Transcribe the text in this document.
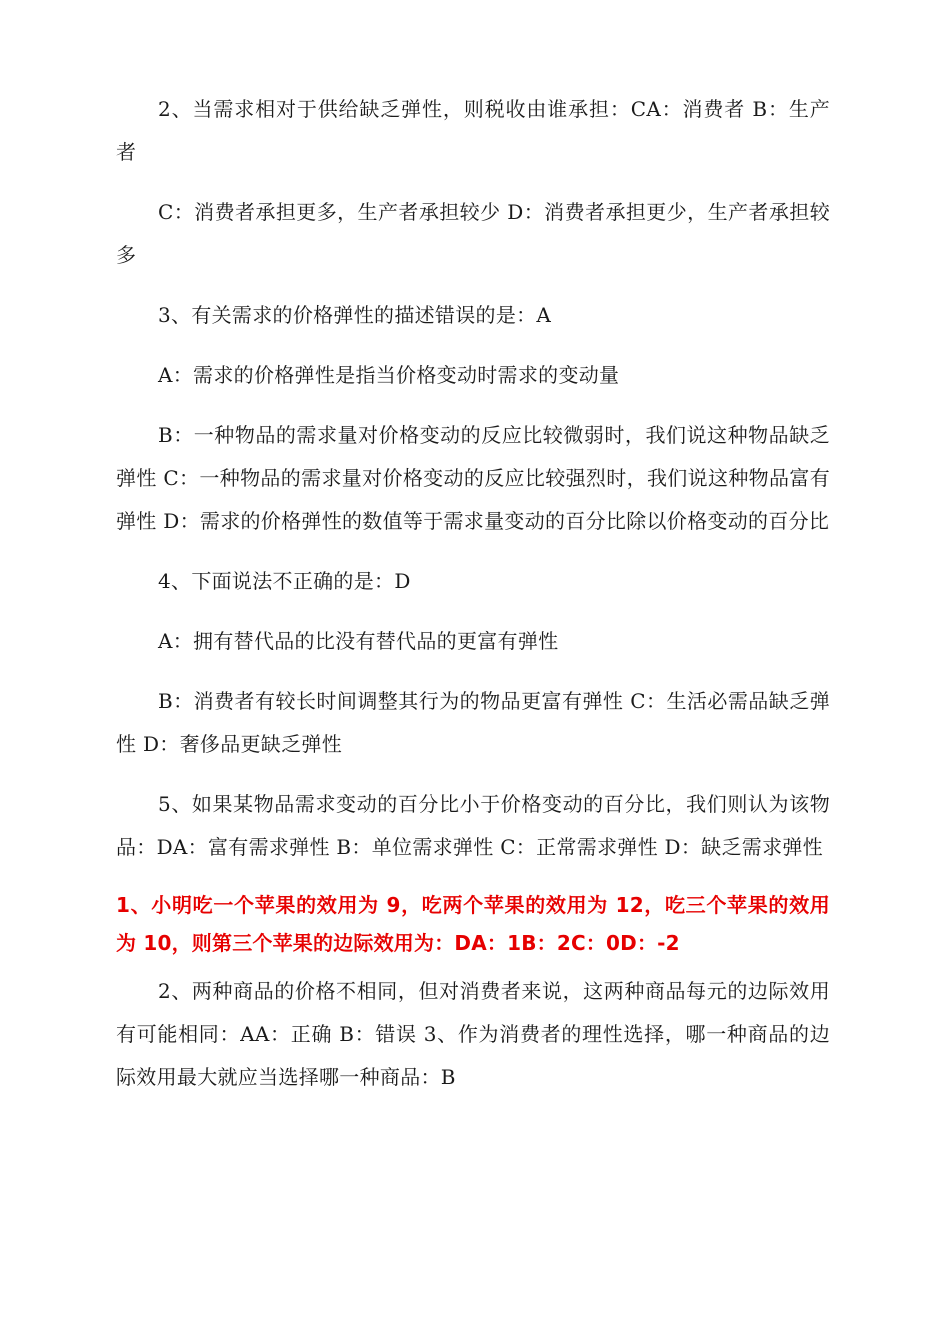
2、当需求相对于供给缺乏弹性，则税收由谁承担：CA：消费者 B：生产者

C：消费者承担更多，生产者承担较少 D：消费者承担更少，生产者承担较多

3、有关需求的价格弹性的描述错误的是：A

A：需求的价格弹性是指当价格变动时需求的变动量

B：一种物品的需求量对价格变动的反应比较微弱时，我们说这种物品缺乏弹性 C：一种物品的需求量对价格变动的反应比较强烈时，我们说这种物品富有弹性 D：需求的价格弹性的数值等于需求量变动的百分比除以价格变动的百分比

4、下面说法不正确的是：D

A：拥有替代品的比没有替代品的更富有弹性

B：消费者有较长时间调整其行为的物品更富有弹性 C：生活必需品缺乏弹性 D：奢侈品更缺乏弹性

5、如果某物品需求变动的百分比小于价格变动的百分比，我们则认为该物品：DA：富有需求弹性 B：单位需求弹性 C：正常需求弹性 D：缺乏需求弹性

1、小明吃一个苹果的效用为 9，吃两个苹果的效用为 12，吃三个苹果的效用为 10，则第三个苹果的边际效用为：DA：1B：2C：0D：-2

2、两种商品的价格不相同，但对消费者来说，这两种商品每元的边际效用有可能相同：AA：正确 B：错误 3、作为消费者的理性选择，哪一种商品的边际效用最大就应当选择哪一种商品：B
